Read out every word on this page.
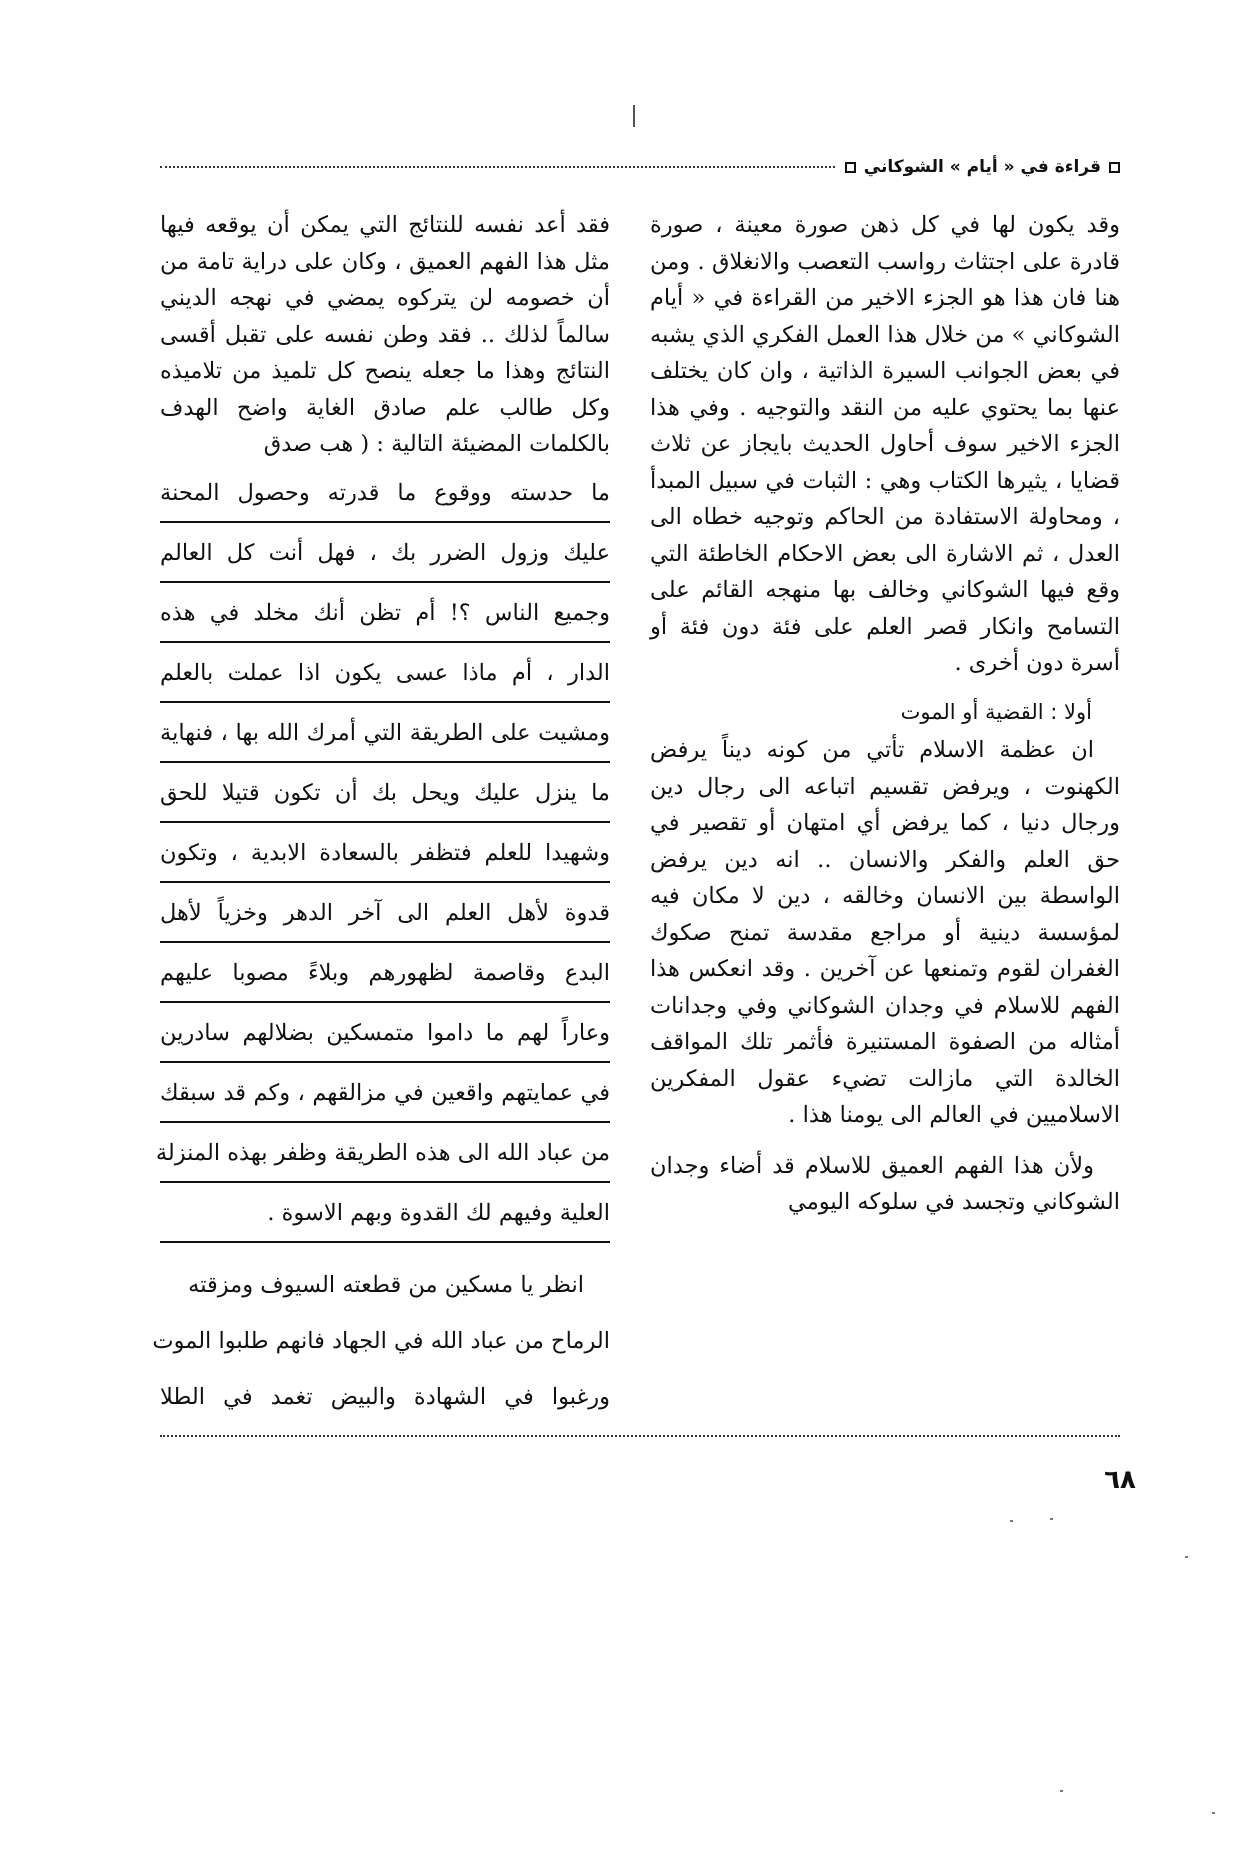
قراءة في « أيام » الشوكاني

وقد يكون لها في كل ذهن صورة معينة ، صورة قادرة على اجتثاث رواسب التعصب والانغلاق . ومن هنا فان هذا هو الجزء الاخير من القراءة في « أيام الشوكاني » من خلال هذا العمل الفكري الذي يشبه في بعض الجوانب السيرة الذاتية ، وان كان يختلف عنها بما يحتوي عليه من النقد والتوجيه . وفي هذا الجزء الاخير سوف أحاول الحديث بايجاز عن ثلاث قضايا ، يثيرها الكتاب وهي : الثبات في سبيل المبدأ ، ومحاولة الاستفادة من الحاكم وتوجيه خطاه الى العدل ، ثم الاشارة الى بعض الاحكام الخاطئة التي وقع فيها الشوكاني وخالف بها منهجه القائم على التسامح وانكار قصر العلم على فئة دون فئة أو أسرة دون أخرى .

أولا : القضية أو الموت

ان عظمة الاسلام تأتي من كونه ديناً يرفض الكهنوت ، ويرفض تقسيم اتباعه الى رجال دين ورجال دنيا ، كما يرفض أي امتهان أو تقصير في حق العلم والفكر والانسان .. انه دين يرفض الواسطة بين الانسان وخالقه ، دين لا مكان فيه لمؤسسة دينية أو مراجع مقدسة تمنح صكوك الغفران لقوم وتمنعها عن آخرين . وقد انعكس هذا الفهم للاسلام في وجدان الشوكاني وفي وجدانات أمثاله من الصفوة المستنيرة فأثمر تلك المواقف الخالدة التي مازالت تضيء عقول المفكرين الاسلاميين في العالم الى يومنا هذا .

ولأن هذا الفهم العميق للاسلام قد أضاء وجدان الشوكاني وتجسد في سلوكه اليومي

فقد أعد نفسه للنتائج التي يمكن أن يوقعه فيها مثل هذا الفهم العميق ، وكان على دراية تامة من أن خصومه لن يتركوه يمضي في نهجه الديني سالماً لذلك .. فقد وطن نفسه على تقبل أقسى النتائج وهذا ما جعله ينصح كل تلميذ من تلاميذه وكل طالب علم صادق الغاية واضح الهدف بالكلمات المضيئة التالية : ( هب صدق

ما حدسته ووقوع ما قدرته وحصول المحنة
عليك وزول الضرر بك ، فهل أنت كل العالم
وجميع الناس ؟! أم تظن أنك مخلد في هذه
الدار ، أم ماذا عسى يكون اذا عملت بالعلم
ومشيت على الطريقة التي أمرك الله بها ، فنهاية
ما ينزل عليك ويحل بك أن تكون قتيلا للحق
وشهيدا للعلم فتظفر بالسعادة الابدية ، وتكون
قدوة لأهل العلم الى آخر الدهر وخزياً لأهل
البدع وقاصمة لظهورهم وبلاءً مصوبا عليهم
وعاراً لهم ما داموا متمسكين بضلالهم سادرين
في عمايتهم واقعين في مزالقهم ، وكم قد سبقك
من عباد الله الى هذه الطريقة وظفر بهذه المنزلة
العلية وفيهم لك القدوة وبهم الاسوة .
انظر يا مسكين من قطعته السيوف ومزقته
الرماح من عباد الله في الجهاد فانهم طلبوا الموت
ورغبوا في الشهادة والبيض تغمد في الطلا
٦٨
